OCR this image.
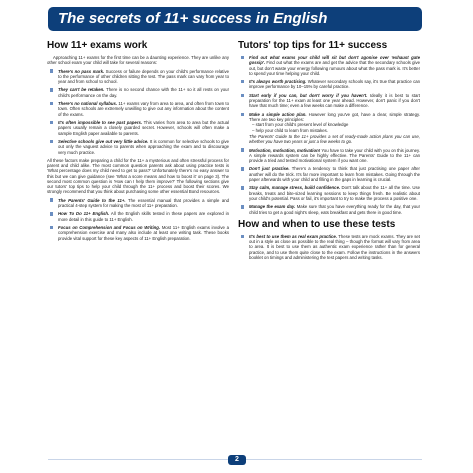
The secrets of 11+ success in English
How 11+ exams work

Approaching 11+ exams for the first time can be a daunting experience. They are unlike any other school exam your child will take for several reasons:

There's no pass mark. Success or failure depends on your child's performance relative to the performance of other children sitting the test. The pass mark can vary from year to year and from school to school.
They can't be retaken. There is no second chance with the 11+ so it all rests on your child's performance on the day.
There's no national syllabus. 11+ exams vary from area to area, and often from town to town. Often schools are extremely unwilling to give out any information about the content of the exams.
It's often impossible to see past papers. This varies from area to area but the actual papers usually remain a closely guarded secret. However, schools will often make a sample English paper available to parents.
Selective schools give out very little advice. It is common for selective schools to give out only the vaguest advice to parents when approaching the exam and to discourage very much practice.

All these factors make preparing a child for the 11+ a mysterious and often stressful process for parent and child alike. The most common question parents ask about using practice tests is 'What percentage does my child need to get to pass?' Unfortunately there's no easy answer to this but we can give guidance (see 'What a score means and how to boost it' on page 3). The second most common question is 'How can I help them improve?' The following sections give our tutors' top tips to help your child through the 11+ process and boost their scores. We strongly recommend that you think about purchasing some other essential Bond resources.

The Parents' Guide to the 11+. The essential manual that provides a simple and practical 4-step system for making the most of 11+ preparation.
How To Do 11+ English. All the English skills tested in these papers are explored in more detail in this guide to 11+ English.
Focus on Comprehension and Focus on Writing. Most 11+ English exams involve a comprehension exercise and many also include at least one writing task. These books provide vital support for these key aspects of 11+ English preparation.
Tutors' top tips for 11+ success
Find out what exams your child will sit but don't agonise over 'exhaust gate gossip'. Find out what the exams are and get the advice that the secondary schools give out, but don't waste your energy following rumours about what the pass mark is. It's better to spend your time helping your child.
It's always worth practising. Whatever secondary schools say, it's true that practice can improve performance by 10–15% by careful practice.
Start early if you can, but don't worry if you haven't. Ideally it is best to start preparation for the 11+ exam at least one year ahead. However, don't panic if you don't have that much time; even a few weeks can make a difference.
Make a simple action plan. However long you've got, have a clear, simple strategy. There are two key principles:
– start from your child's present level of knowledge
– help your child to learn from mistakes.
The Parents' Guide to the 11+ provides a set of ready-made action plans you can use, whether you have two years or just a few weeks to go.
Motivation, motivation, motivation! You have to take your child with you on this journey. A simple rewards system can be highly effective. The Parents' Guide to the 11+ can provide a tried and tested motivational system if you want one.
Don't just practise. There's a tendency to think that just practising one paper after another will do the trick. It's far more important to learn from mistakes. Going through the paper afterwards with your child and filling in the gaps in learning is crucial.
Stay calm, manage stress, build confidence. Don't talk about the 11+ all the time. Use breaks, treats and bite-sized learning sessions to keep things fresh. Be realistic about your child's potential. Pass or fail, it's important to try to make the process a positive one.
Manage the exam day. Make sure that you have everything ready for the day, that your child tries to get a good night's sleep, eats breakfast and gets there in good time.
How and when to use these tests
It's best to use them as real exam practice. These tests are mock exams. They are set out in a style as close as possible to the real thing – though the format will vary from area to area. It is best to use them as authentic exam experience rather than for general practice, and to use them quite close to the exam. Follow the instructions in the answers booklet on timings and administering the test papers and writing tasks.
2
